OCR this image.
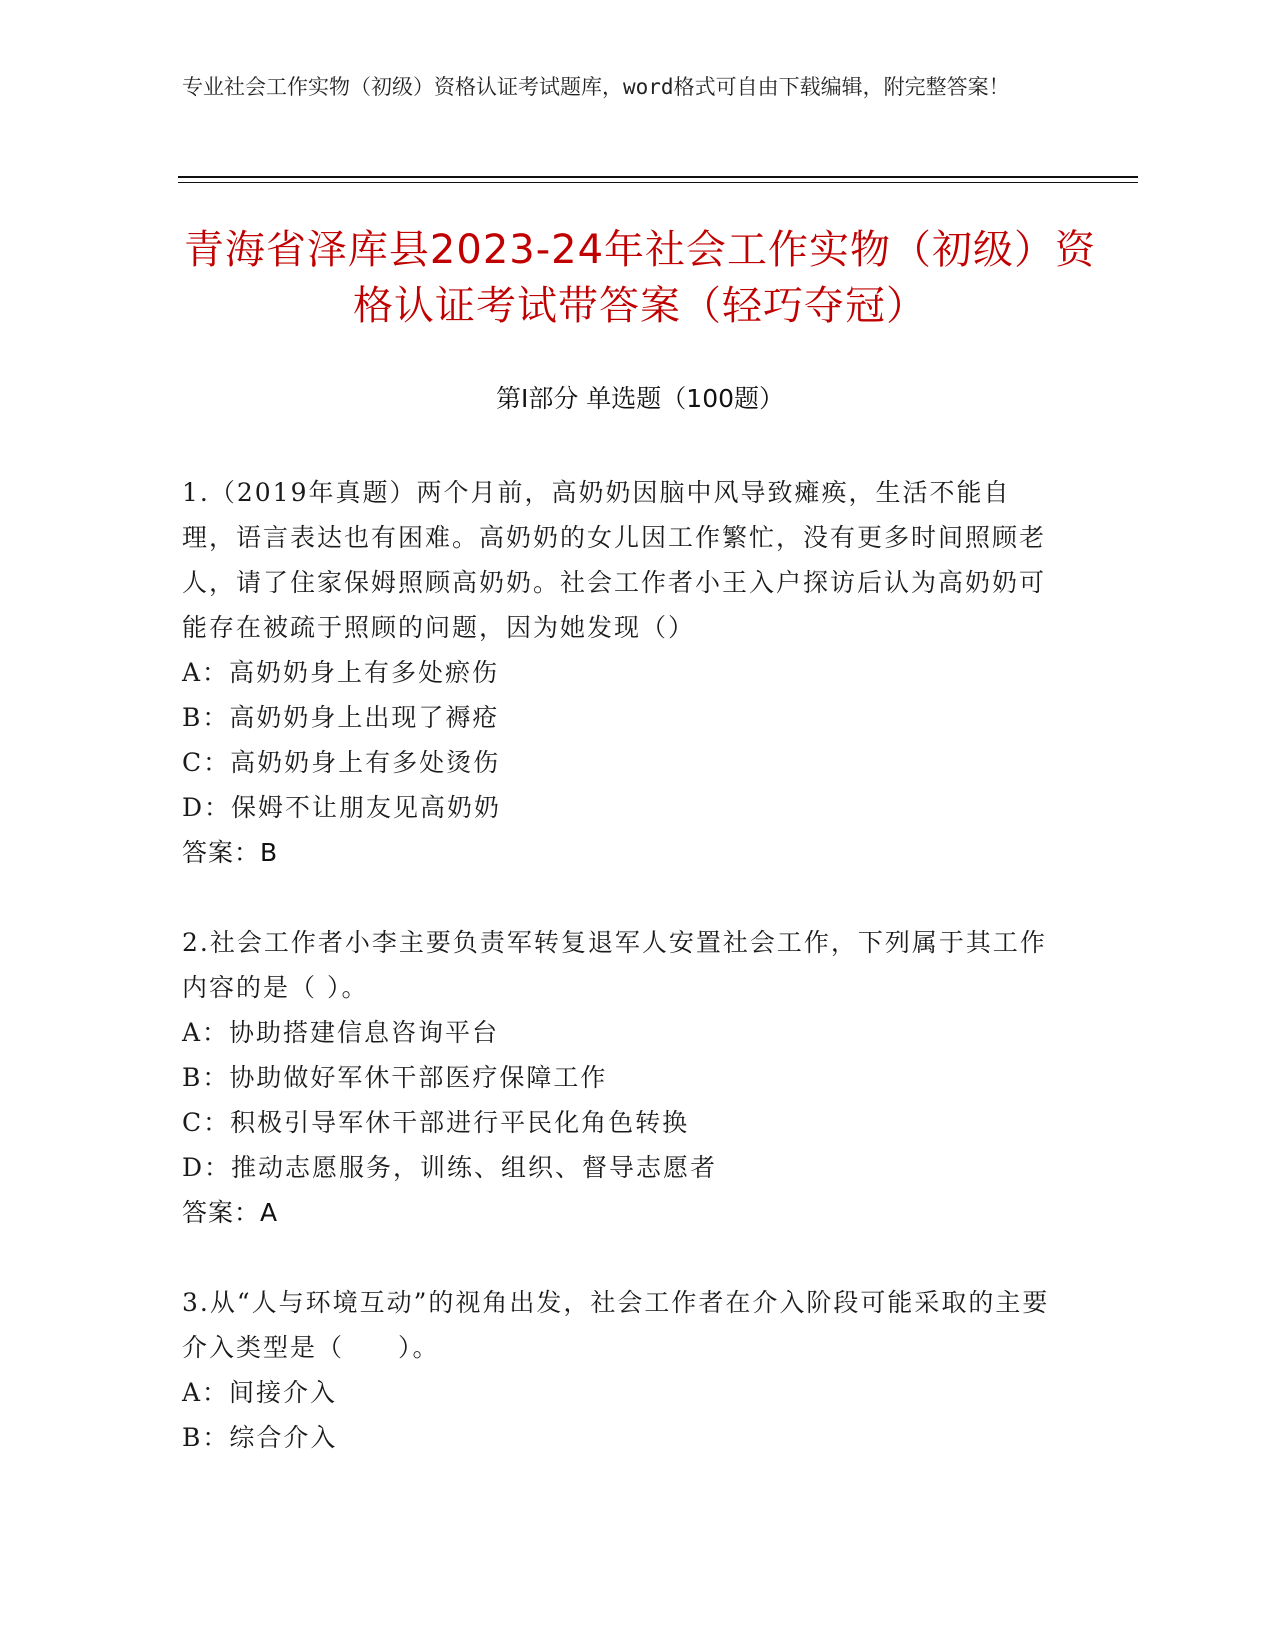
专业社会工作实物（初级）资格认证考试题库，word格式可自由下载编辑，附完整答案！
青海省泽库县2023-24年社会工作实物（初级）资格认证考试带答案（轻巧夺冠）
第I部分 单选题（100题）

1.（2019年真题）两个月前，高奶奶因脑中风导致瘫痪，生活不能自理，语言表达也有困难。高奶奶的女儿因工作繁忙，没有更多时间照顾老人，请了住家保姆照顾高奶奶。社会工作者小王入户探访后认为高奶奶可能存在被疏于照顾的问题，因为她发现（）

A：高奶奶身上有多处瘀伤

B：高奶奶身上出现了褥疮

C：高奶奶身上有多处烫伤

D：保姆不让朋友见高奶奶

答案：B

2.社会工作者小李主要负责军转复退军人安置社会工作，下列属于其工作内容的是（ ）。

A：协助搭建信息咨询平台

B：协助做好军休干部医疗保障工作

C：积极引导军休干部进行平民化角色转换

D：推动志愿服务，训练、组织、督导志愿者

答案：A

3.从“人与环境互动”的视角出发，社会工作者在介入阶段可能采取的主要介入类型是（　　）。

A：间接介入

B：综合介入
